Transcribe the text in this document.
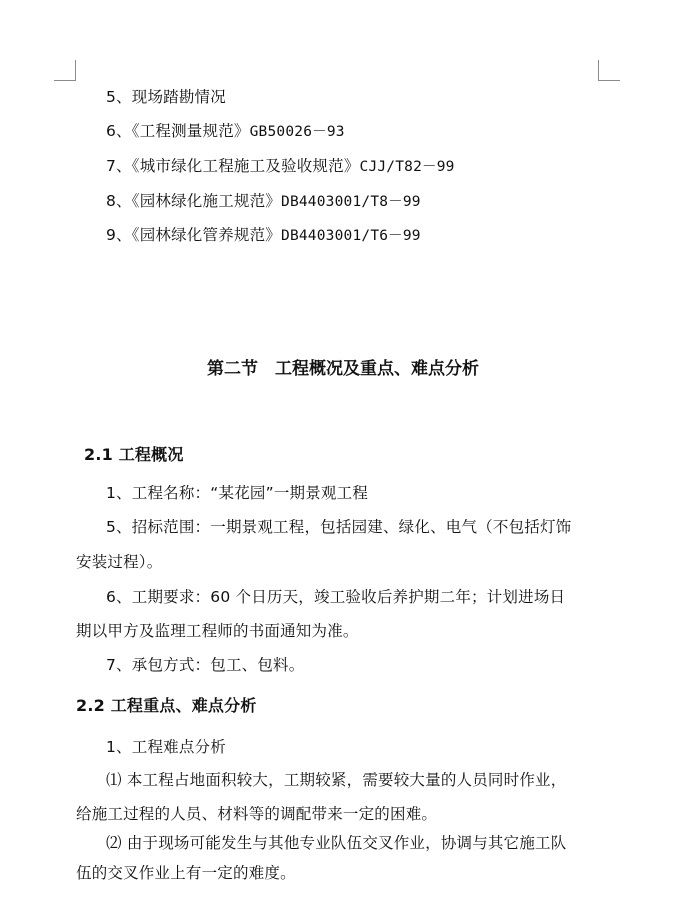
5、现场踏勘情况
6、《工程测量规范》GB50026－93
7、《城市绿化工程施工及验收规范》CJJ/T82－99
8、《园林绿化施工规范》DB4403001/T8－99
9、《园林绿化管养规范》DB4403001/T6－99
第二节　工程概况及重点、难点分析
2.1 工程概况
1、工程名称：“某花园”一期景观工程
5、招标范围：一期景观工程，包括园建、绿化、电气（不包括灯饰
安装过程）。
6、工期要求：60 个日历天，竣工验收后养护期二年；计划进场日
期以甲方及监理工程师的书面通知为准。
7、承包方式：包工、包料。
2.2 工程重点、难点分析
1、工程难点分析
⑴ 本工程占地面积较大，工期较紧，需要较大量的人员同时作业，
给施工过程的人员、材料等的调配带来一定的困难。
⑵ 由于现场可能发生与其他专业队伍交叉作业，协调与其它施工队
伍的交叉作业上有一定的难度。
